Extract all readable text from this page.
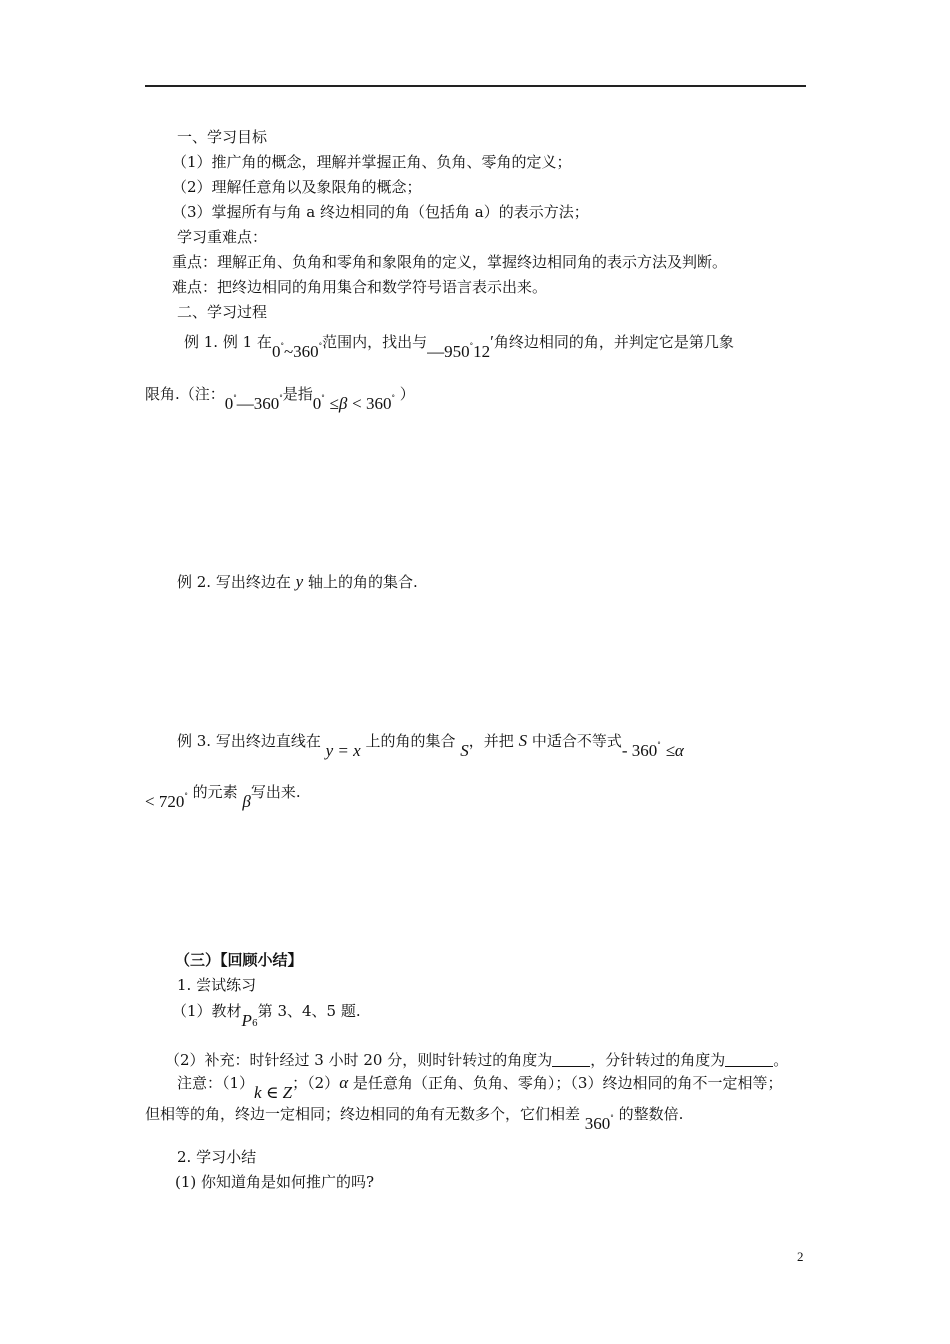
一、学习目标
（1）推广角的概念，理解并掌握正角、负角、零角的定义；
（2）理解任意角以及象限角的概念；
（3）掌握所有与角 a 终边相同的角（包括角 a）的表示方法；
学习重难点：
重点：理解正角、负角和零角和象限角的定义，掌握终边相同角的表示方法及判断。
难点：把终边相同的角用集合和数学符号语言表示出来。
二、学习过程
例 1. 例 1 在0°~360°范围内，找出与—950°12′角终边相同的角，并判定它是第几象
限角.（注：0°—360°是指0° ≤β < 360° ）
例 2. 写出终边在 y 轴上的角的集合.
例 3. 写出终边直线在 y = x 上的角的集合 S，并把 S 中适合不等式- 360° ≤α
< 720° 的元素 β写出来.
（三）【回顾小结】
1. 尝试练习
（1）教材$P_6$第 3、4、5 题.
（2）补充：时针经过 3 小时 20 分，则时针转过的角度为	，分针转过的角度为	。
注意：（1）k ∈ Z；（2）α 是任意角（正角、负角、零角）；（3）终边相同的角不一定相等；
但相等的角，终边一定相同；终边相同的角有无数多个，它们相差 360° 的整数倍.
2. 学习小结
(1) 你知道角是如何推广的吗?
2
